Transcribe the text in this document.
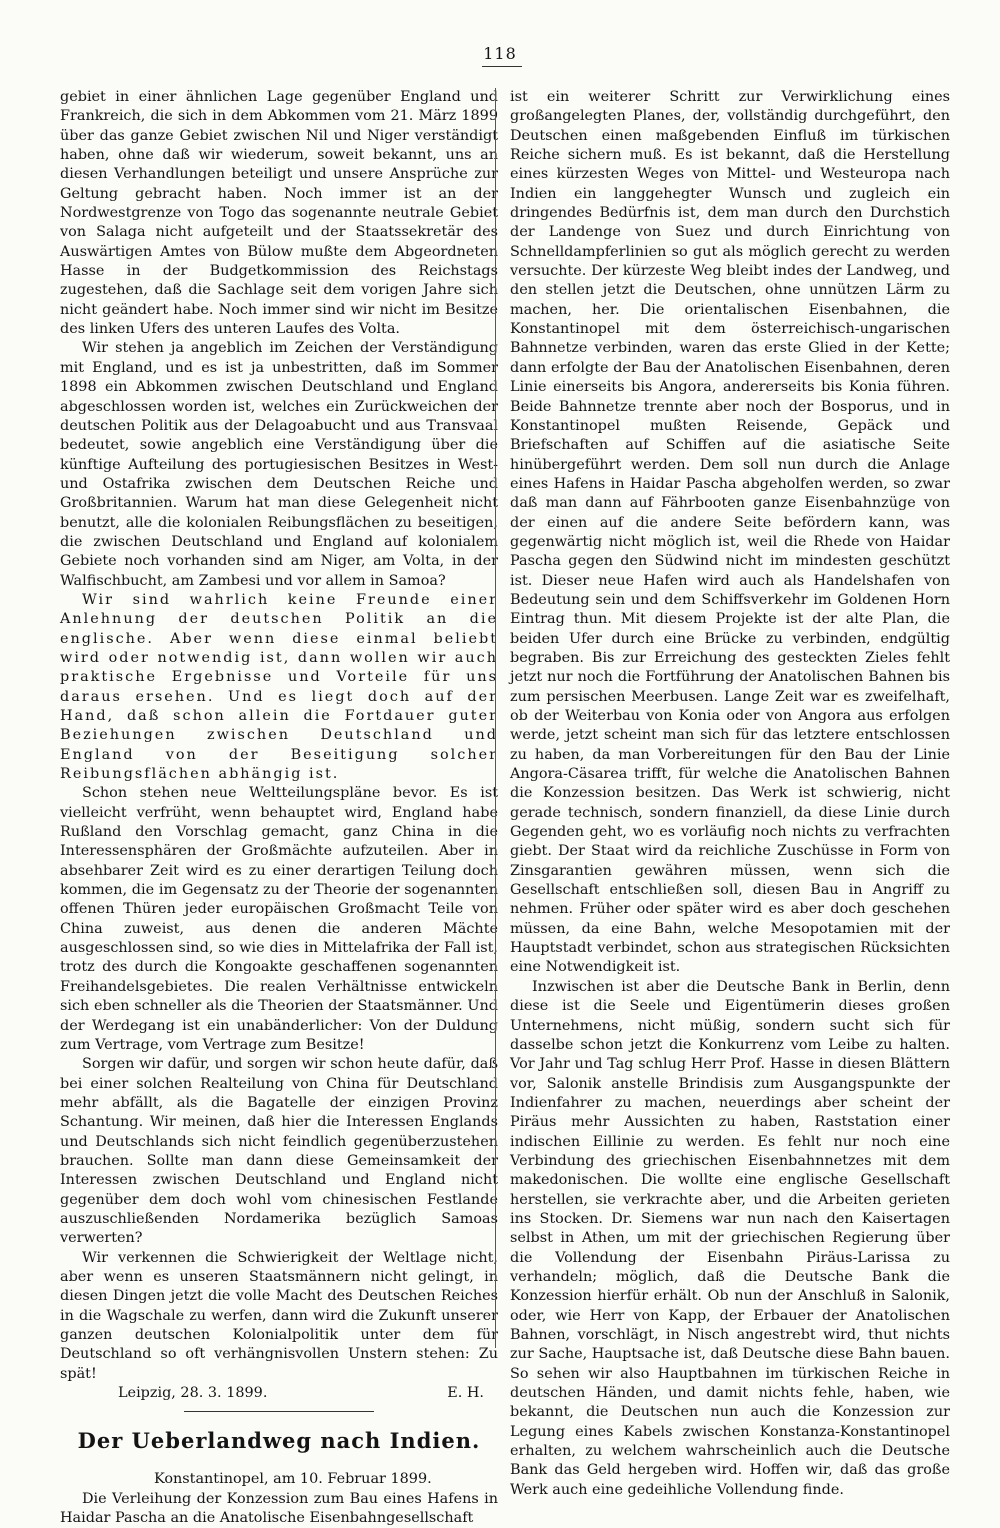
118

gebiet in einer ähnlichen Lage gegenüber England und Frankreich, die sich in dem Abkommen vom 21. März 1899 über das ganze Gebiet zwischen Nil und Niger verständigt haben, ohne daß wir wiederum, soweit bekannt, uns an diesen Verhandlungen beteiligt und unsere Ansprüche zur Geltung gebracht haben. Noch immer ist an der Nordwestgrenze von Togo das sogenannte neutrale Gebiet von Salaga nicht aufgeteilt und der Staatssekretär des Auswärtigen Amtes von Bülow mußte dem Abgeordneten Hasse in der Budgetkommission des Reichstags zugestehen, daß die Sachlage seit dem vorigen Jahre sich nicht geändert habe. Noch immer sind wir nicht im Besitze des linken Ufers des unteren Laufes des Volta.

Wir stehen ja angeblich im Zeichen der Verständigung mit England, und es ist ja unbestritten, daß im Sommer 1898 ein Abkommen zwischen Deutschland und England abgeschlossen worden ist, welches ein Zurückweichen der deutschen Politik aus der Delagoabucht und aus Transvaal bedeutet, sowie angeblich eine Verständigung über die künftige Aufteilung des portugiesischen Besitzes in West- und Ostafrika zwischen dem Deutschen Reiche und Großbritannien. Warum hat man diese Gelegenheit nicht benutzt, alle die kolonialen Reibungsflächen zu beseitigen, die zwischen Deutschland und England auf kolonialem Gebiete noch vorhanden sind am Niger, am Volta, in der Walfischbucht, am Zambesi und vor allem in Samoa?

Wir sind wahrlich keine Freunde einer Anlehnung der deutschen Politik an die englische. Aber wenn diese einmal beliebt wird oder notwendig ist, dann wollen wir auch praktische Ergebnisse und Vorteile für uns daraus ersehen. Und es liegt doch auf der Hand, daß schon allein die Fortdauer guter Beziehungen zwischen Deutschland und England von der Beseitigung solcher Reibungsflächen abhängig ist.

Schon stehen neue Weltteilungspläne bevor. Es ist vielleicht verfrüht, wenn behauptet wird, England habe Rußland den Vorschlag gemacht, ganz China in die Interessensphären der Großmächte aufzuteilen. Aber in absehbarer Zeit wird es zu einer derartigen Teilung doch kommen, die im Gegensatz zu der Theorie der sogenannten offenen Thüren jeder europäischen Großmacht Teile von China zuweist, aus denen die anderen Mächte ausgeschlossen sind, so wie dies in Mittelafrika der Fall ist, trotz des durch die Kongoakte geschaffenen sogenannten Freihandelsgebietes. Die realen Verhältnisse entwickeln sich eben schneller als die Theorien der Staatsmänner. Und der Werdegang ist ein unabänderlicher: Von der Duldung zum Vertrage, vom Vertrage zum Besitze!

Sorgen wir dafür, und sorgen wir schon heute dafür, daß bei einer solchen Realteilung von China für Deutschland mehr abfällt, als die Bagatelle der einzigen Provinz Schantung. Wir meinen, daß hier die Interessen Englands und Deutschlands sich nicht feindlich gegenüberzustehen brauchen. Sollte man dann diese Gemeinsamkeit der Interessen zwischen Deutschland und England nicht gegenüber dem doch wohl vom chinesischen Festlande auszuschließenden Nordamerika bezüglich Samoas verwerten?

Wir verkennen die Schwierigkeit der Weltlage nicht, aber wenn es unseren Staatsmännern nicht gelingt, in diesen Dingen jetzt die volle Macht des Deutschen Reiches in die Wagschale zu werfen, dann wird die Zukunft unserer ganzen deutschen Kolonialpolitik unter dem für Deutschland so oft verhängnisvollen Unstern stehen: Zu spät!

Leipzig, 28. 3. 1899.	E. H.
Der Ueberlandweg nach Indien.

Konstantinopel, am 10. Februar 1899.

Die Verleihung der Konzession zum Bau eines Hafens in Haidar Pascha an die Anatolische Eisenbahngesellschaft

ist ein weiterer Schritt zur Verwirklichung eines großangelegten Planes, der, vollständig durchgeführt, den Deutschen einen maßgebenden Einfluß im türkischen Reiche sichern muß. Es ist bekannt, daß die Herstellung eines kürzesten Weges von Mittel- und Westeuropa nach Indien ein langgehegter Wunsch und zugleich ein dringendes Bedürfnis ist, dem man durch den Durchstich der Landenge von Suez und durch Einrichtung von Schnelldampferlinien so gut als möglich gerecht zu werden versuchte. Der kürzeste Weg bleibt indes der Landweg, und den stellen jetzt die Deutschen, ohne unnützen Lärm zu machen, her. Die orientalischen Eisenbahnen, die Konstantinopel mit dem österreichisch-ungarischen Bahnnetze verbinden, waren das erste Glied in der Kette; dann erfolgte der Bau der Anatolischen Eisenbahnen, deren Linie einerseits bis Angora, andererseits bis Konia führen. Beide Bahnnetze trennte aber noch der Bosporus, und in Konstantinopel mußten Reisende, Gepäck und Briefschaften auf Schiffen auf die asiatische Seite hinübergeführt werden. Dem soll nun durch die Anlage eines Hafens in Haidar Pascha abgeholfen werden, so zwar daß man dann auf Fährbooten ganze Eisenbahnzüge von der einen auf die andere Seite befördern kann, was gegenwärtig nicht möglich ist, weil die Rhede von Haidar Pascha gegen den Südwind nicht im mindesten geschützt ist. Dieser neue Hafen wird auch als Handelshafen von Bedeutung sein und dem Schiffsverkehr im Goldenen Horn Eintrag thun. Mit diesem Projekte ist der alte Plan, die beiden Ufer durch eine Brücke zu verbinden, endgültig begraben. Bis zur Erreichung des gesteckten Zieles fehlt jetzt nur noch die Fortführung der Anatolischen Bahnen bis zum persischen Meerbusen. Lange Zeit war es zweifelhaft, ob der Weiterbau von Konia oder von Angora aus erfolgen werde, jetzt scheint man sich für das letztere entschlossen zu haben, da man Vorbereitungen für den Bau der Linie Angora-Cäsarea trifft, für welche die Anatolischen Bahnen die Konzession besitzen. Das Werk ist schwierig, nicht gerade technisch, sondern finanziell, da diese Linie durch Gegenden geht, wo es vorläufig noch nichts zu verfrachten giebt. Der Staat wird da reichliche Zuschüsse in Form von Zinsgarantien gewähren müssen, wenn sich die Gesellschaft entschließen soll, diesen Bau in Angriff zu nehmen. Früher oder später wird es aber doch geschehen müssen, da eine Bahn, welche Mesopotamien mit der Hauptstadt verbindet, schon aus strategischen Rücksichten eine Notwendigkeit ist.

Inzwischen ist aber die Deutsche Bank in Berlin, denn diese ist die Seele und Eigentümerin dieses großen Unternehmens, nicht müßig, sondern sucht sich für dasselbe schon jetzt die Konkurrenz vom Leibe zu halten. Vor Jahr und Tag schlug Herr Prof. Hasse in diesen Blättern vor, Salonik anstelle Brindisis zum Ausgangspunkte der Indienfahrer zu machen, neuerdings aber scheint der Piräus mehr Aussichten zu haben, Raststation einer indischen Eillinie zu werden. Es fehlt nur noch eine Verbindung des griechischen Eisenbahnnetzes mit dem makedonischen. Die wollte eine englische Gesellschaft herstellen, sie verkrachte aber, und die Arbeiten gerieten ins Stocken. Dr. Siemens war nun nach den Kaisertagen selbst in Athen, um mit der griechischen Regierung über die Vollendung der Eisenbahn Piräus-Larissa zu verhandeln; möglich, daß die Deutsche Bank die Konzession hierfür erhält. Ob nun der Anschluß in Salonik, oder, wie Herr von Kapp, der Erbauer der Anatolischen Bahnen, vorschlägt, in Nisch angestrebt wird, thut nichts zur Sache, Hauptsache ist, daß Deutsche diese Bahn bauen. So sehen wir also Hauptbahnen im türkischen Reiche in deutschen Händen, und damit nichts fehle, haben, wie bekannt, die Deutschen nun auch die Konzession zur Legung eines Kabels zwischen Konstanza-Konstantinopel erhalten, zu welchem wahrscheinlich auch die Deutsche Bank das Geld hergeben wird. Hoffen wir, daß das große Werk auch eine gedeihliche Vollendung finde.
